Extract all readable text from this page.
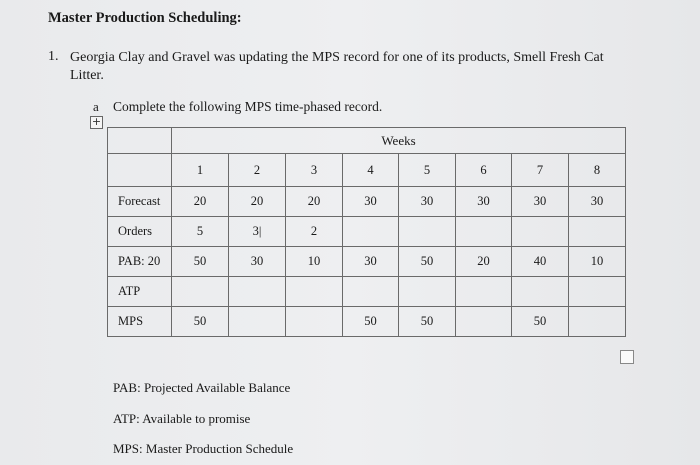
Master Production Scheduling:
1. Georgia Clay and Gravel was updating the MPS record for one of its products, Smell Fresh Cat Litter.
a Complete the following MPS time-phased record.
+
	Weeks							
	1	2	3	4	5	6	7	8
Forecast	20	20	20	30	30	30	30	30
Orders	5	3|	2					
PAB: 20	50	30	10	30	50	20	40	10
ATP								
MPS	50			50	50		50	
PAB: Projected Available Balance
ATP: Available to promise
MPS: Master Production Schedule
